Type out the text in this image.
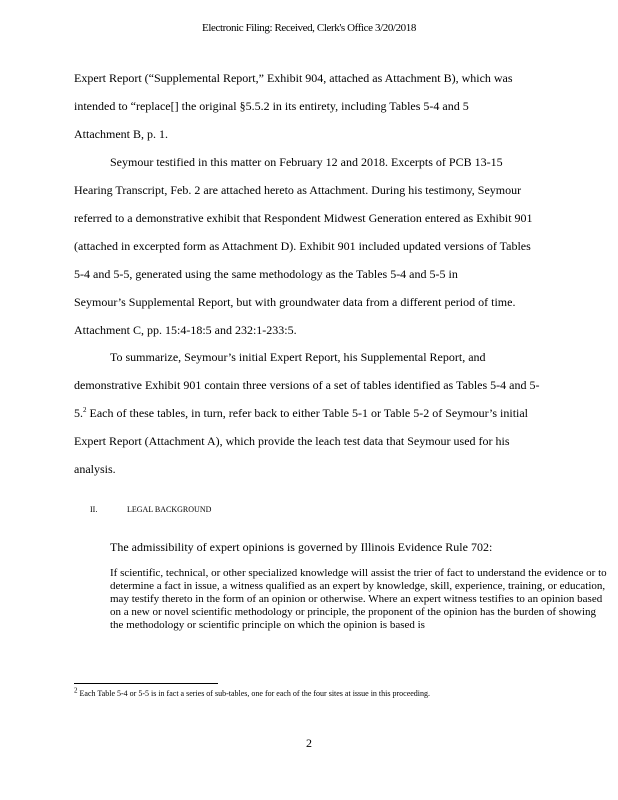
Electronic Filing: Received, Clerk's Office 3/20/2018
Expert Report (“Supplemental Report,” Exhibit 904, attached as Attachment B), which was
intended to “replace[] the original §5.5.2 in its entirety, including Tables 5-4 and 5
Attachment B, p. 1.
Seymour testified in this matter on February 12 and 2018. Excerpts of PCB 13-15
Hearing Transcript, Feb. 2 are attached hereto as Attachment. During his testimony, Seymour
referred to a demonstrative exhibit that Respondent Midwest Generation entered as Exhibit 901
(attached in excerpted form as Attachment D). Exhibit 901 included updated versions of Tables
5-4 and 5-5, generated using the same methodology as the Tables 5-4 and 5-5 in
Seymour’s Supplemental Report, but with groundwater data from a different period of time.
Attachment C, pp. 15:4-18:5 and 232:1-233:5.
To summarize, Seymour’s initial Expert Report, his Supplemental Report, and
demonstrative Exhibit 901 contain three versions of a set of tables identified as Tables 5-4 and 5-
5.$^2$ Each of these tables, in turn, refer back to either Table 5-1 or Table 5-2 of Seymour’s initial
Expert Report (Attachment A), which provide the leach test data that Seymour used for his
analysis.
II.	LEGAL BACKGROUND
The admissibility of expert opinions is governed by Illinois Evidence Rule 702:
If scientific, technical, or other specialized knowledge will assist the trier of fact to understand the evidence or to determine a fact in issue, a witness qualified as an expert by knowledge, skill, experience, training, or education, may testify thereto in the form of an opinion or otherwise. Where an expert witness testifies to an opinion based on a new or novel scientific methodology or principle, the proponent of the opinion has the burden of showing the methodology or scientific principle on which the opinion is based is
2 Each Table 5-4 or 5-5 is in fact a series of sub-tables, one for each of the four sites at issue in this proceeding.
2
